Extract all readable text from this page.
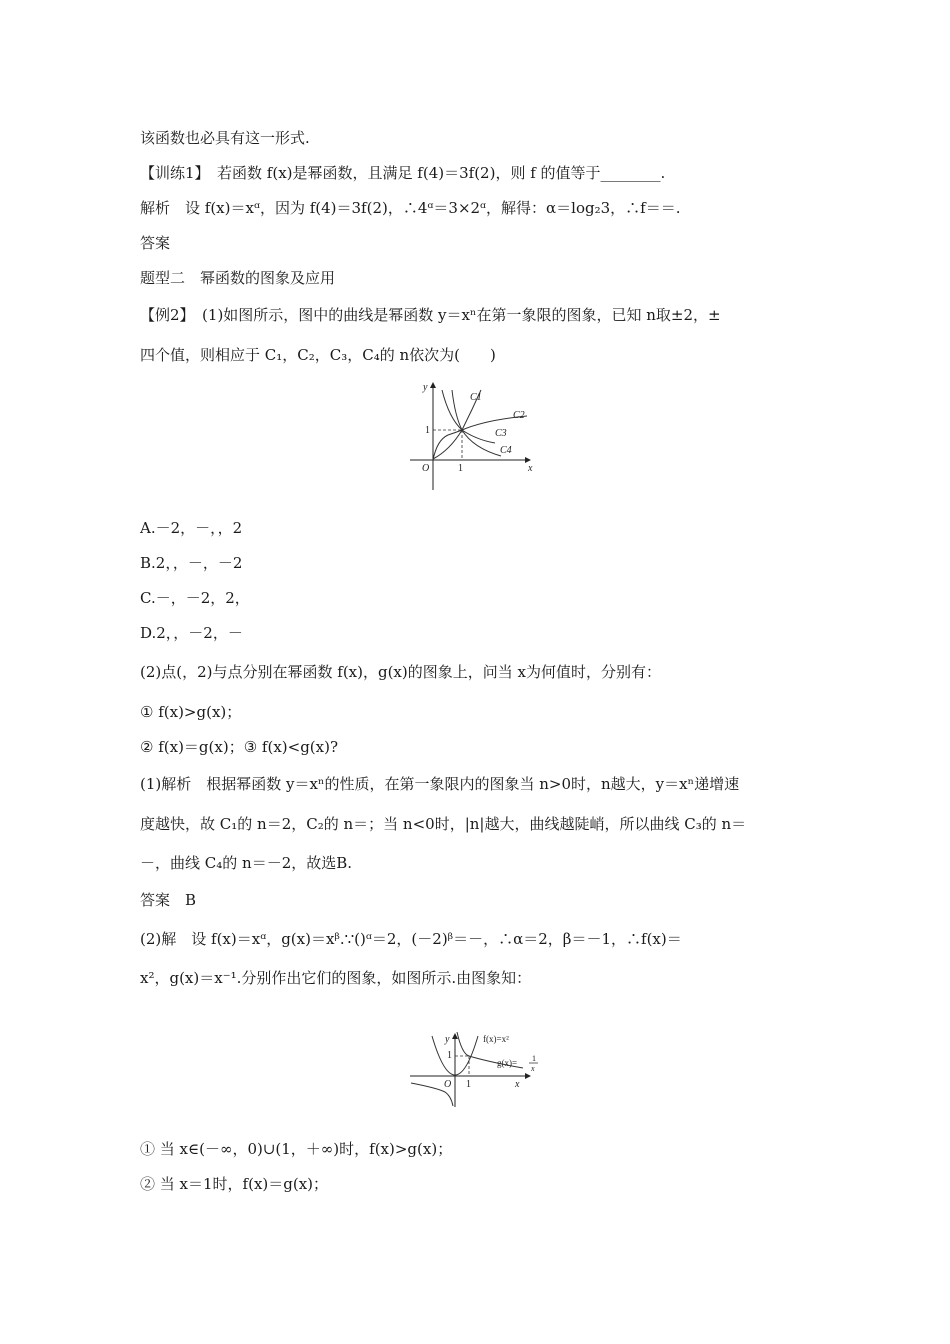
该函数也必具有这一形式.
【训练1】　若函数 f(x)是幂函数，且满足 f(4)＝3f(2)，则 f 的值等于________.
解析　设 f(x)＝xᵅ，因为 f(4)＝3f(2)，∴4ᵅ＝3×2ᵅ，解得：α＝log₂3，∴f＝＝.
答案
题型二　幂函数的图象及应用
【例2】　(1)如图所示，图中的曲线是幂函数 y＝xⁿ在第一象限的图象，已知 n取±2，±
四个值，则相应于 C₁，C₂，C₃，C₄的 n依次为(　　)
y
x
O	1
1
C1
C2
C3
C4
A.－2，－，，2
B.2，，－，－2
C.－，－2，2，
D.2，，－2，－
(2)点(，2)与点分别在幂函数 f(x)，g(x)的图象上，问当 x为何值时，分别有：
① f(x)>g(x)；
② f(x)＝g(x)；③ f(x)<g(x)?
(1)解析　根据幂函数 y＝xⁿ的性质，在第一象限内的图象当 n>0时，n越大，y＝xⁿ递增速
度越快，故 C₁的 n＝2，C₂的 n＝；当 n<0时，|n|越大，曲线越陡峭，所以曲线 C₃的 n＝
－，曲线 C₄的 n＝－2，故选B.
答案　B
(2)解　设 f(x)＝xᵅ，g(x)＝xᵝ.∵()ᵅ＝2，(－2)ᵝ＝－，∴α＝2，β＝－1，∴f(x)＝
x²，g(x)＝x⁻¹.分别作出它们的图象，如图所示.由图象知：
y
x
O 1
1
f(x)=x²
g(x)= 1
x
① 当 x∈(－∞，0)∪(1，＋∞)时，f(x)>g(x)；
② 当 x＝1时，f(x)＝g(x)；
